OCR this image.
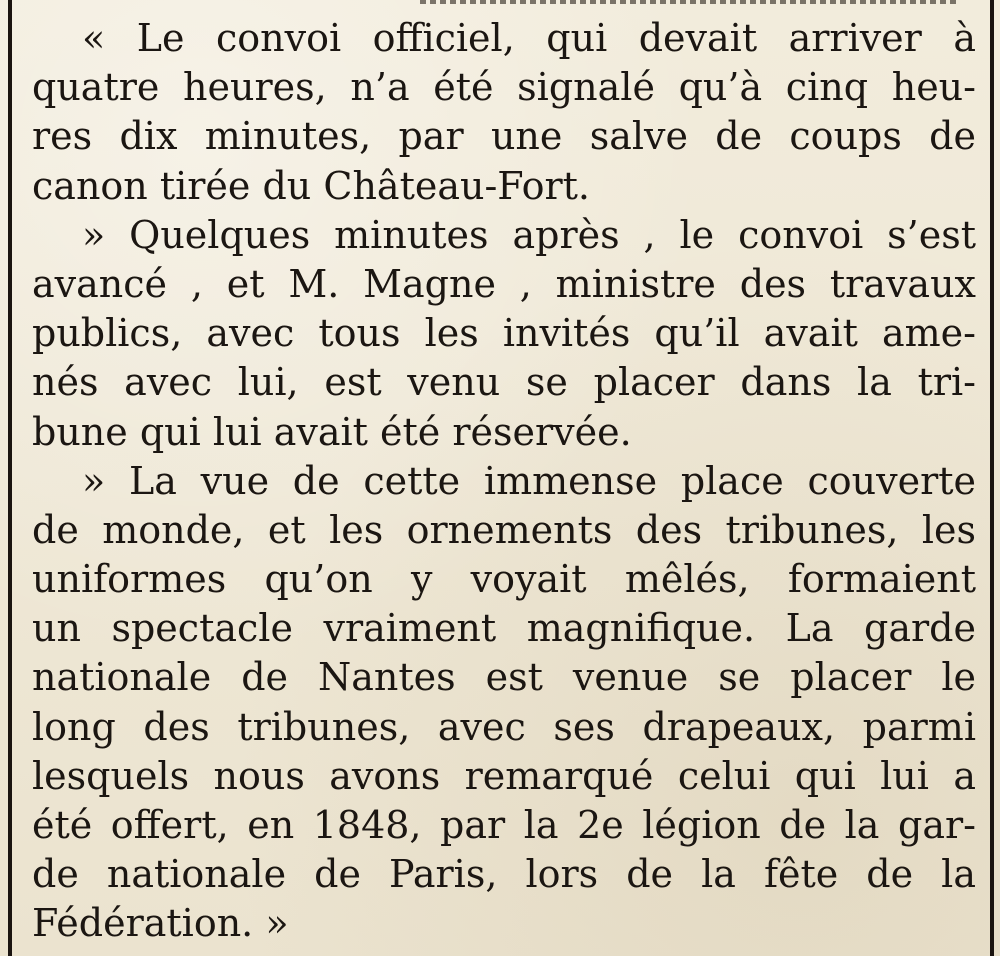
« Le convoi officiel, qui devait arriver à
quatre heures, n’a été signalé qu’à cinq heu-
res dix minutes, par une salve de coups de
canon tirée du Château-Fort.
» Quelques minutes après , le convoi s’est
avancé , et M. Magne , ministre des travaux
publics, avec tous les invités qu’il avait ame-
nés avec lui, est venu se placer dans la tri-
bune qui lui avait été réservée.
» La vue de cette immense place couverte
de monde, et les ornements des tribunes, les
uniformes qu’on y voyait mêlés, formaient
un spectacle vraiment magnifique. La garde
nationale de Nantes est venue se placer le
long des tribunes, avec ses drapeaux, parmi
lesquels nous avons remarqué celui qui lui a
été offert, en 1848, par la 2e légion de la gar-
de nationale de Paris, lors de la fête de la
Fédération. »
